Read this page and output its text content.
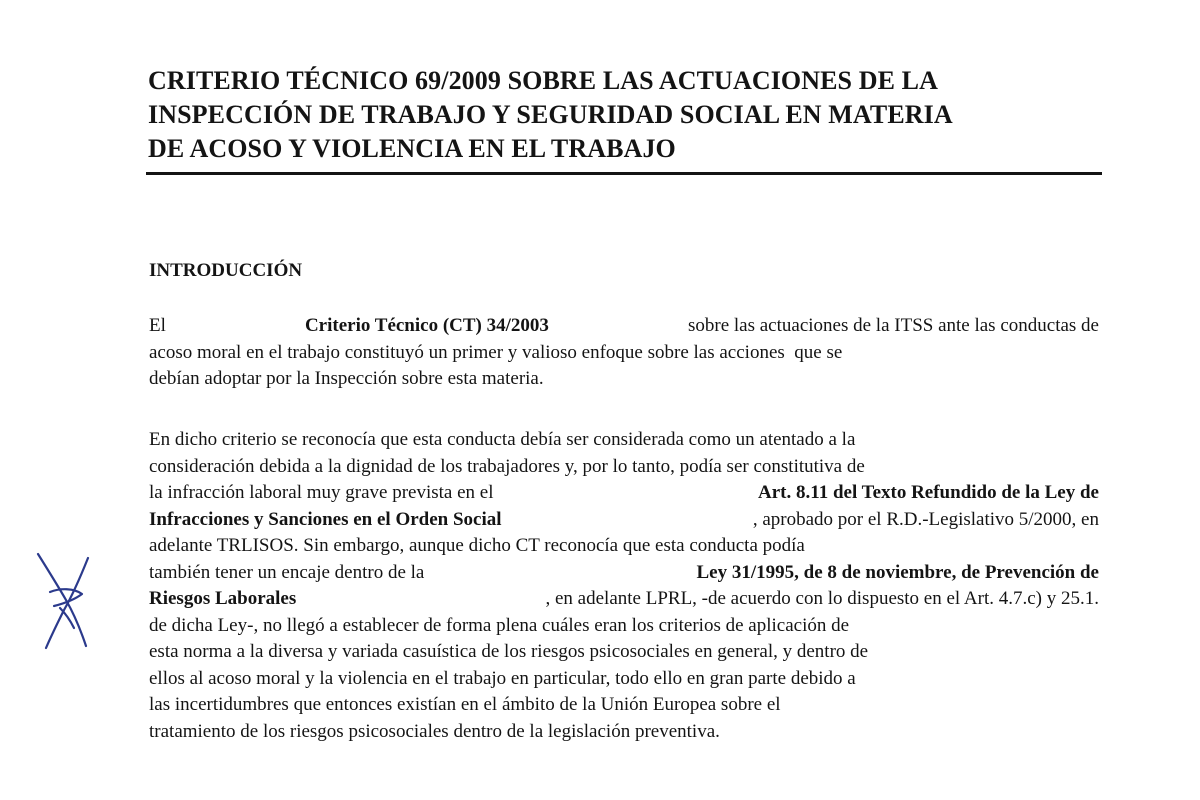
CRITERIO TÉCNICO 69/2009 SOBRE LAS ACTUACIONES DE LA
INSPECCIÓN DE TRABAJO Y SEGURIDAD SOCIAL EN MATERIA
DE ACOSO Y VIOLENCIA EN EL TRABAJO
INTRODUCCIÓN
El	Criterio Técnico (CT) 34/2003	sobre las actuaciones de la ITSS ante las conductas de
acoso moral en el trabajo constituyó un primer y valioso enfoque sobre las acciones  que se
debían adoptar por la Inspección sobre esta materia.
En dicho criterio se reconocía que esta conducta debía ser considerada como un atentado a la
consideración debida a la dignidad de los trabajadores y, por lo tanto, podía ser constitutiva de
la infracción laboral muy grave prevista en el	Art. 8.11 del Texto Refundido de la Ley de
Infracciones y Sanciones en el Orden Social	, aprobado por el R.D.-Legislativo 5/2000, en
adelante TRLISOS. Sin embargo, aunque dicho CT reconocía que esta conducta podía
también tener un encaje dentro de la	Ley 31/1995, de 8 de noviembre, de Prevención de
Riesgos Laborales	, en adelante LPRL, -de acuerdo con lo dispuesto en el Art. 4.7.c) y 25.1.
de dicha Ley-, no llegó a establecer de forma plena cuáles eran los criterios de aplicación de
esta norma a la diversa y variada casuística de los riesgos psicosociales en general, y dentro de
ellos al acoso moral y la violencia en el trabajo en particular, todo ello en gran parte debido a
las incertidumbres que entonces existían en el ámbito de la Unión Europea sobre el
tratamiento de los riesgos psicosociales dentro de la legislación preventiva.
